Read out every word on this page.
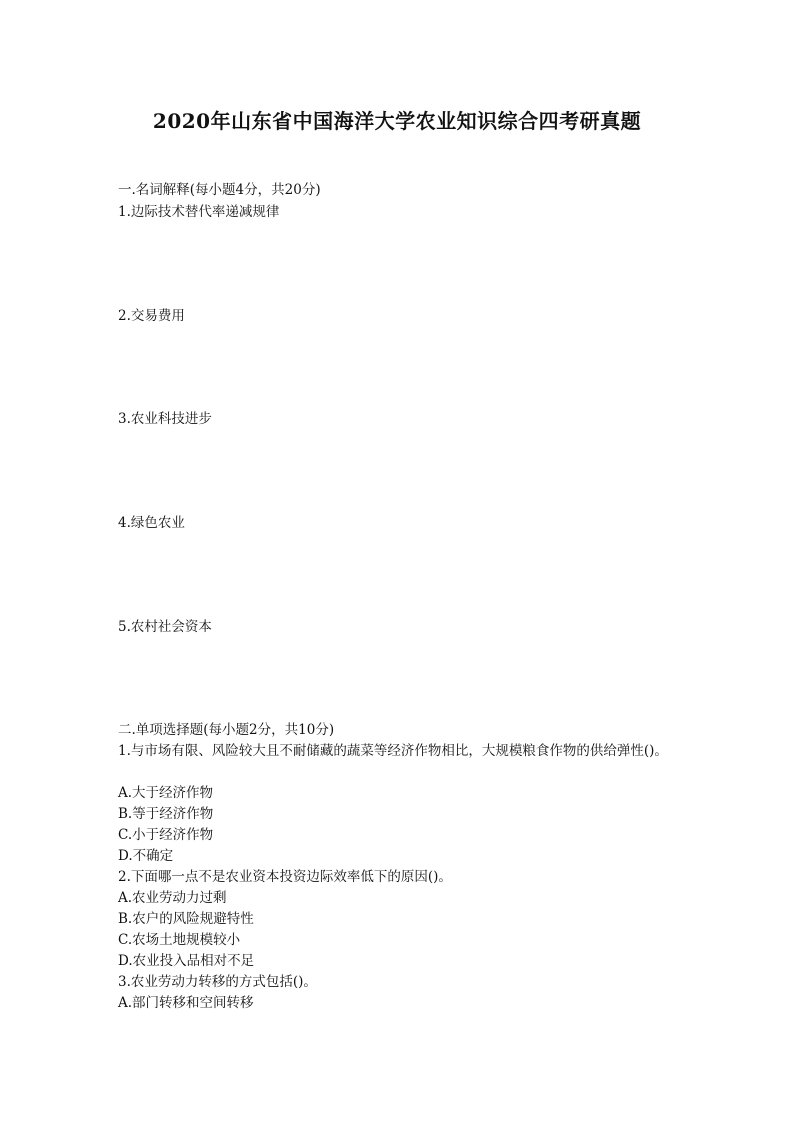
2020年山东省中国海洋大学农业知识综合四考研真题
一.名词解释(每小题4分，共20分)
1.边际技术替代率递减规律
2.交易费用
3.农业科技进步
4.绿色农业
5.农村社会资本
二.单项选择题(每小题2分，共10分)
1.与市场有限、风险较大且不耐储藏的蔬菜等经济作物相比，大规模粮食作物的供给弹性()。
A.大于经济作物
B.等于经济作物
C.小于经济作物
D.不确定
2.下面哪一点不是农业资本投资边际效率低下的原因()。
A.农业劳动力过剩
B.农户的风险规避特性
C.农场土地规模较小
D.农业投入品相对不足
3.农业劳动力转移的方式包括()。
A.部门转移和空间转移
